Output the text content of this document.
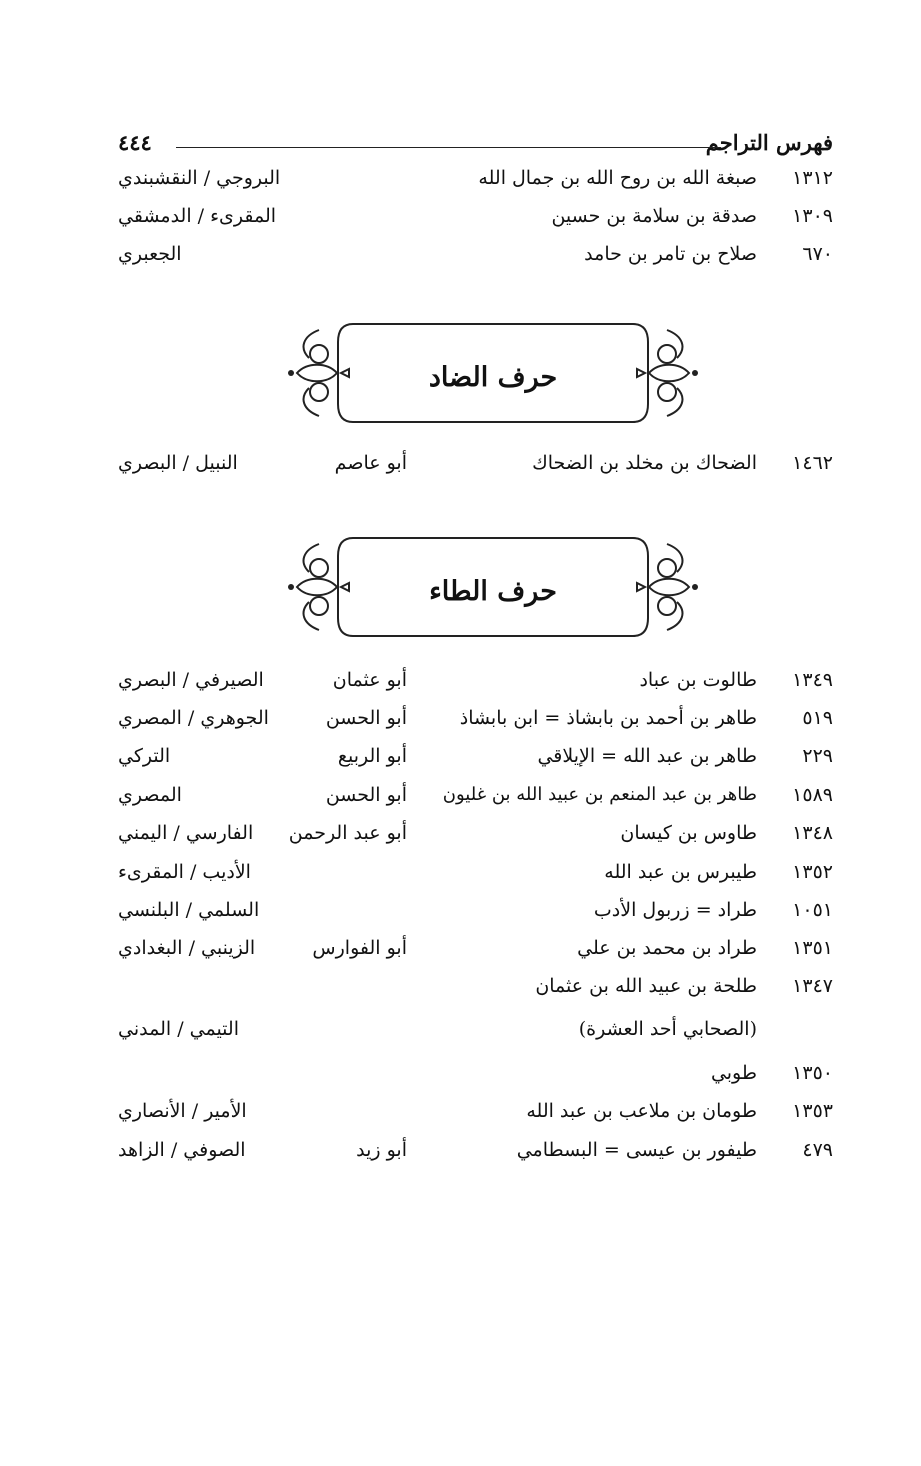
فهرس التراجم
٤٤٤
١٣١٢
صبغة الله بن روح الله بن جمال الله
البروجي / النقشبندي
١٣٠٩
صدقة بن سلامة بن حسين
المقرىء / الدمشقي
٦٧٠
صلاح بن تامر بن حامد
الجعبري
حرف الضاد
١٤٦٢
الضحاك بن مخلد بن الضحاك
أبو عاصم
النبيل / البصري
حرف الطاء
١٣٤٩
طالوت بن عباد
أبو عثمان
الصيرفي / البصري
٥١٩
طاهر بن أحمد بن بابشاذ = ابن بابشاذ
أبو الحسن
الجوهري / المصري
٢٢٩
طاهر بن عبد الله = الإيلاقي
أبو الربيع
التركي
١٥٨٩
طاهر بن عبد المنعم بن عبيد الله بن غليون
أبو الحسن
المصري
١٣٤٨
طاوس بن كيسان
أبو عبد الرحمن
الفارسي / اليمني
١٣٥٢
طيبرس بن عبد الله
الأديب / المقرىء
١٠٥١
طراد = زربول الأدب
السلمي / البلنسي
١٣٥١
طراد بن محمد بن علي
أبو الفوارس
الزينبي / البغدادي
١٣٤٧
طلحة بن عبيد الله بن عثمان
(الصحابي أحد العشرة)
التيمي / المدني
١٣٥٠
طوبي
١٣٥٣
طومان بن ملاعب بن عبد الله
الأمير / الأنصاري
٤٧٩
طيفور بن عيسى = البسطامي
أبو زيد
الصوفي / الزاهد
